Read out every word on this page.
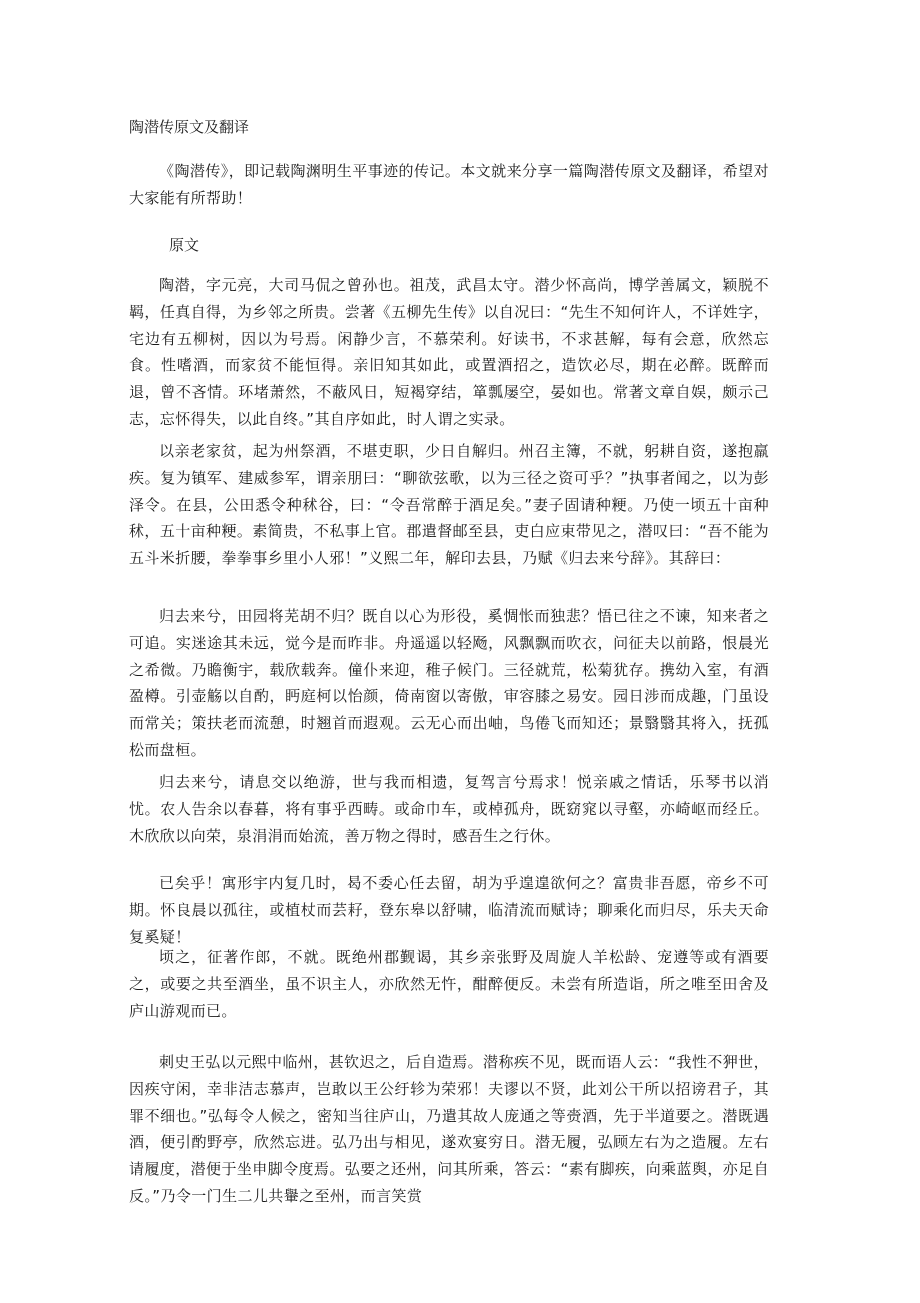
陶潜传原文及翻译

《陶潜传》，即记载陶渊明生平事迹的传记。本文就来分享一篇陶潜传原文及翻译，希望对大家能有所帮助！

原文

陶潜，字元亮，大司马侃之曾孙也。祖茂，武昌太守。潜少怀高尚，博学善属文，颖脱不羁，任真自得，为乡邻之所贵。尝著《五柳先生传》以自况曰：“先生不知何许人，不详姓字，宅边有五柳树，因以为号焉。闲静少言，不慕荣利。好读书，不求甚解，每有会意，欣然忘食。性嗜酒，而家贫不能恒得。亲旧知其如此，或置酒招之，造饮必尽，期在必醉。既醉而退，曾不吝情。环堵萧然，不蔽风日，短褐穿结，箪瓢屡空，晏如也。常著文章自娱，颇示己志，忘怀得失，以此自终。”其自序如此，时人谓之实录。

以亲老家贫，起为州祭酒，不堪吏职，少日自解归。州召主簿，不就，躬耕自资，遂抱羸疾。复为镇军、建威参军，谓亲朋曰：“聊欲弦歌，以为三径之资可乎？”执事者闻之，以为彭泽令。在县，公田悉令种秫谷，曰：“令吾常醉于酒足矣。”妻子固请种粳。乃使一顷五十亩种秫，五十亩种粳。素简贵，不私事上官。郡遣督邮至县，吏白应束带见之，潜叹曰：“吾不能为五斗米折腰，拳拳事乡里小人邪！”义熙二年，解印去县，乃赋《归去来兮辞》。其辞曰：

归去来兮，田园将芜胡不归？既自以心为形役，奚惆怅而独悲？悟已往之不谏，知来者之可追。实迷途其未远，觉今是而昨非。舟遥遥以轻飏，风飘飘而吹衣，问征夫以前路，恨晨光之希微。乃瞻衡宇，载欣载奔。僮仆来迎，稚子候门。三径就荒，松菊犹存。携幼入室，有酒盈樽。引壶觞以自酌，眄庭柯以怡颜，倚南窗以寄傲，审容膝之易安。园日涉而成趣，门虽设而常关；策扶老而流憩，时翘首而遐观。云无心而出岫，鸟倦飞而知还；景翳翳其将入，抚孤松而盘桓。

归去来兮，请息交以绝游，世与我而相遗，复驾言兮焉求！悦亲戚之情话，乐琴书以消忧。农人告余以春暮，将有事乎西畴。或命巾车，或棹孤舟，既窈窕以寻壑，亦崎岖而经丘。木欣欣以向荣，泉涓涓而始流，善万物之得时，感吾生之行休。

已矣乎！寓形宇内复几时，曷不委心任去留，胡为乎遑遑欲何之？富贵非吾愿，帝乡不可期。怀良晨以孤往，或植杖而芸耔，登东皋以舒啸，临清流而赋诗；聊乘化而归尽，乐夫天命复奚疑！

顷之，征著作郎，不就。既绝州郡觐谒，其乡亲张野及周旋人羊松龄、宠遵等或有酒要之，或要之共至酒坐，虽不识主人，亦欣然无忤，酣醉便反。未尝有所造诣，所之唯至田舍及庐山游观而已。

刺史王弘以元熙中临州，甚钦迟之，后自造焉。潜称疾不见，既而语人云：“我性不狎世，因疾守闲，幸非洁志慕声，岂敢以王公纡轸为荣邪！夫谬以不贤，此刘公干所以招谤君子，其罪不细也。”弘每令人候之，密知当往庐山，乃遣其故人庞通之等赍酒，先于半道要之。潜既遇酒，便引酌野亭，欣然忘进。弘乃出与相见，遂欢宴穷日。潜无履，弘顾左右为之造履。左右请履度，潜便于坐申脚令度焉。弘要之还州，问其所乘，答云：“素有脚疾，向乘蓝舆，亦足自反。”乃令一门生二儿共轝之至州，而言笑赏
